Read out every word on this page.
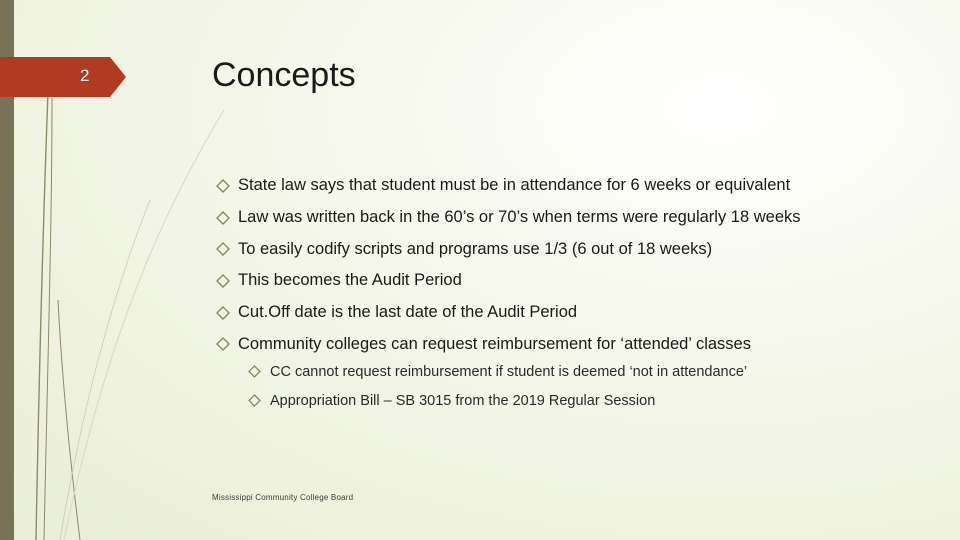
2	Concepts
State law says that student must be in attendance for 6 weeks or equivalent
Law was written back in the 60’s or 70’s when terms were regularly 18 weeks
To easily codify scripts and programs use 1/3 (6 out of 18 weeks)
This becomes the Audit Period
Cut.Off date is the last date of the Audit Period
Community colleges can request reimbursement for ‘attended’ classes
CC cannot request reimbursement if student is deemed ‘not in attendance’
Appropriation Bill – SB 3015 from the 2019 Regular Session
Mississippi Community College Board
